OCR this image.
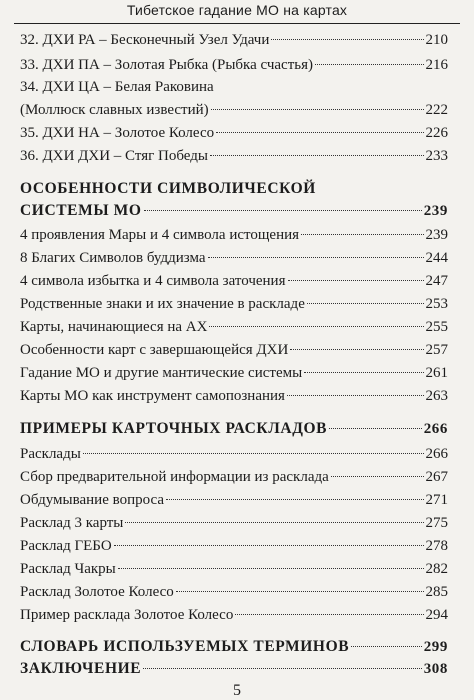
Тибетское гадание МО на картах
32. ДХИ РА – Бесконечный Узел Удачи	210
33. ДХИ ПА – Золотая Рыбка (Рыбка счастья)	216
34. ДХИ ЦА – Белая Раковина
(Моллюск славных известий)	222
35. ДХИ НА – Золотое Колесо	226
36. ДХИ ДХИ – Стяг Победы	233
ОСОБЕННОСТИ СИМВОЛИЧЕСКОЙ
СИСТЕМЫ МО	239
4 проявления Мары и 4 символа истощения	239
8 Благих Символов буддизма	244
4 символа избытка и 4 символа заточения	247
Родственные знаки и их значение в раскладе	253
Карты, начинающиеся на АХ	255
Особенности карт с завершающейся ДХИ	257
Гадание МО и другие мантические системы	261
Карты МО как инструмент самопознания	263
ПРИМЕРЫ КАРТОЧНЫХ РАСКЛАДОВ	266
Расклады	266
Сбор предварительной информации из расклада	267
Обдумывание вопроса	271
Расклад 3 карты	275
Расклад ГЕБО	278
Расклад Чакры	282
Расклад Золотое Колесо	285
Пример расклада Золотое Колесо	294
СЛОВАРЬ ИСПОЛЬЗУЕМЫХ ТЕРМИНОВ	299
ЗАКЛЮЧЕНИЕ	308
5
